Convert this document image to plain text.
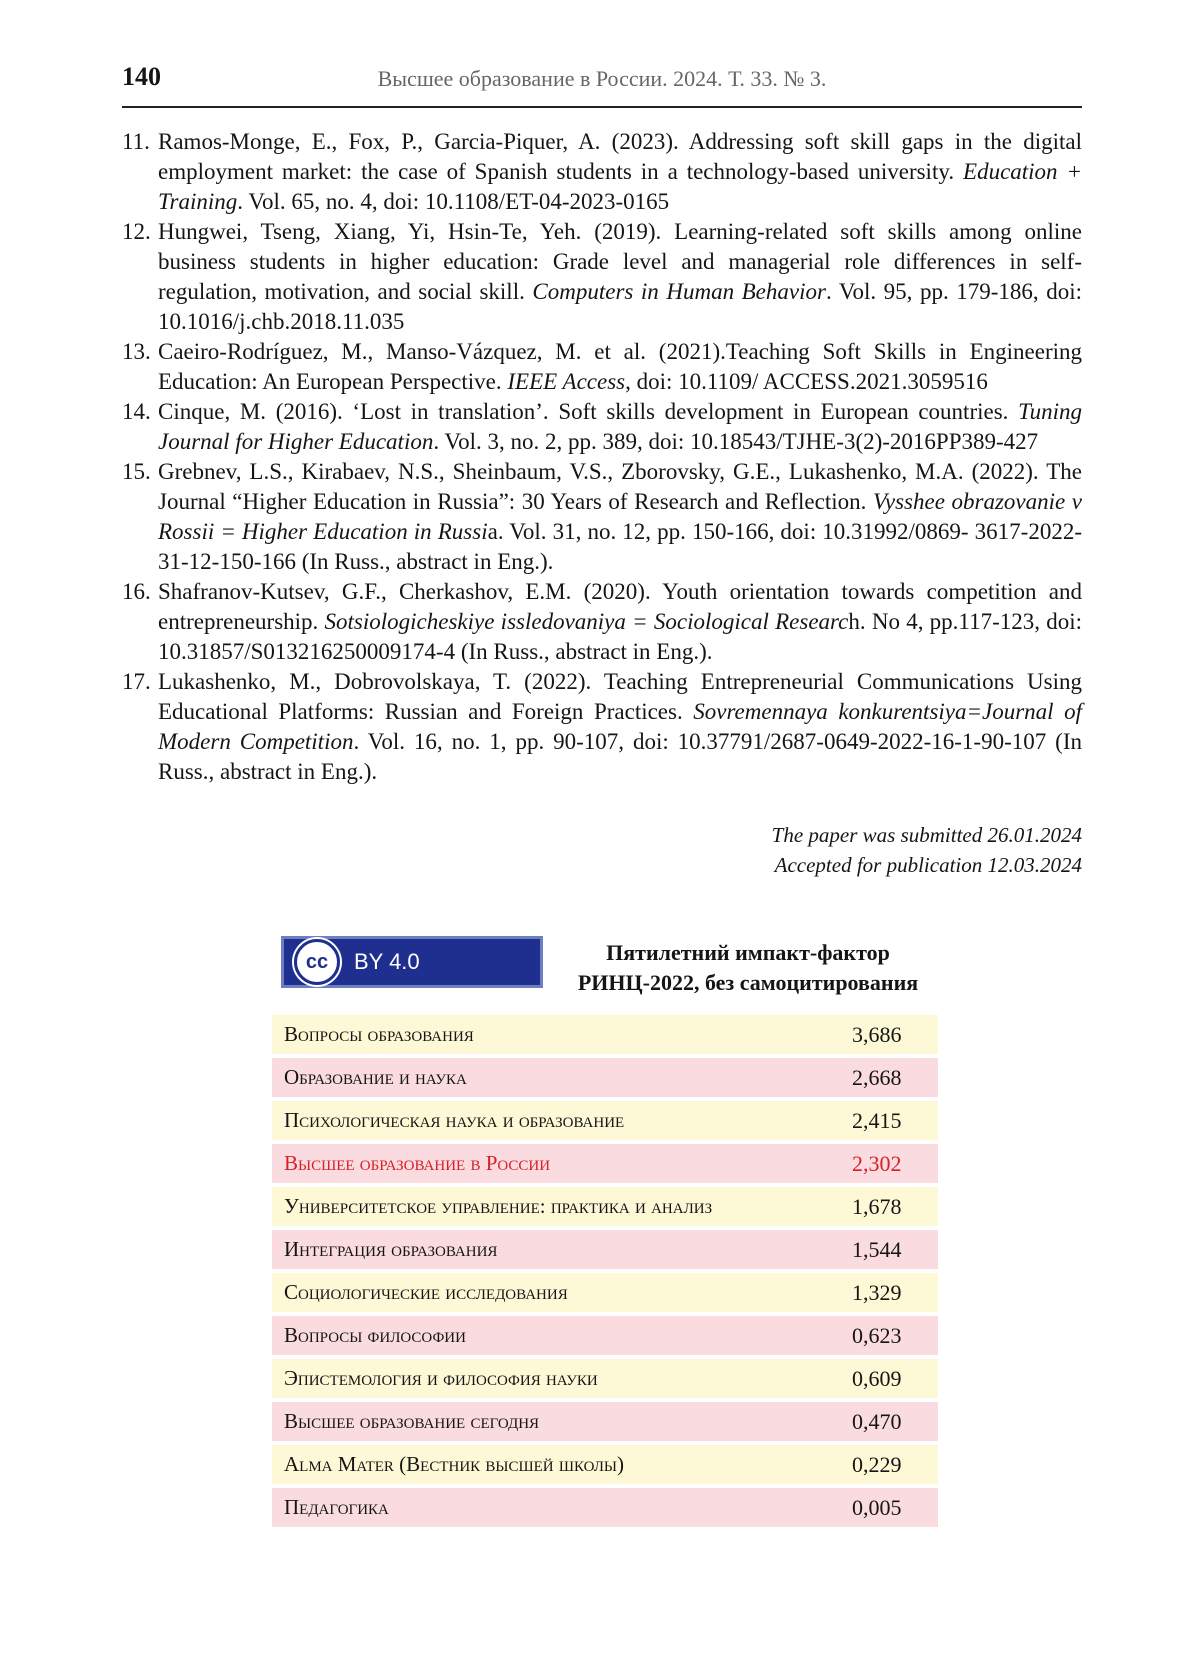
140	Высшее образование в России. 2024. Т. 33. № 3.
11. Ramos-Monge, E., Fox, P., Garcia-Piquer, A. (2023). Addressing soft skill gaps in the digital employment market: the case of Spanish students in a technology-based university. Education + Training. Vol. 65, no. 4, doi: 10.1108/ET-04-2023-0165
12. Hungwei, Tseng, Xiang, Yi, Hsin-Te, Yeh. (2019). Learning-related soft skills among online business students in higher education: Grade level and managerial role differences in self-regulation, motivation, and social skill. Computers in Human Behavior. Vol. 95, pp. 179-186, doi: 10.1016/j.chb.2018.11.035
13. Caeiro-Rodríguez, M., Manso-Vázquez, M. et al. (2021).Teaching Soft Skills in Engineering Education: An European Perspective. IEEE Access, doi: 10.1109/ ACCESS.2021.3059516
14. Cinque, M. (2016). ‘Lost in translation’. Soft skills development in European countries. Tuning Journal for Higher Education. Vol. 3, no. 2, pp. 389, doi: 10.18543/TJHE-3(2)-2016PP389-427
15. Grebnev, L.S., Kirabaev, N.S., Sheinbaum, V.S., Zborovsky, G.E., Lukashenko, M.A. (2022). The Journal “Higher Education in Russia”: 30 Years of Research and Reflection. Vysshee obrazovanie v Rossii = Higher Education in Russia. Vol. 31, no. 12, pp. 150-166, doi: 10.31992/0869- 3617-2022-31-12-150-166 (In Russ., abstract in Eng.).
16. Shafranov-Kutsev, G.F., Cherkashov, E.M. (2020). Youth orientation towards competition and entrepreneurship. Sotsiologicheskiye issledovaniya = Sociological Research. No 4, pp.117-123, doi: 10.31857/S013216250009174-4 (In Russ., abstract in Eng.).
17. Lukashenko, M., Dobrovolskaya, T. (2022). Teaching Entrepreneurial Communications Using Educational Platforms: Russian and Foreign Practices. Sovremennaya konkurentsiya=Journal of Modern Competition. Vol. 16, no. 1, pp. 90-107, doi: 10.37791/2687-0649-2022-16-1-90-107 (In Russ., abstract in Eng.).
The paper was submitted 26.01.2024
Accepted for publication 12.03.2024
cc	BY 4.0	Пятилетний импакт-фактор
РИНЦ-2022, без самоцитирования
Вопросы образования	3,686
Образование и наука	2,668
Психологическая наука и образование	2,415
Высшее образование в России	2,302
Университетское управление: практика и анализ	1,678
Интеграция образования	1,544
Социологические исследования	1,329
Вопросы философии	0,623
Эпистемология и философия науки	0,609
Высшее образование сегодня	0,470
Alma Mater (Вестник высшей школы)	0,229
Педагогика	0,005
